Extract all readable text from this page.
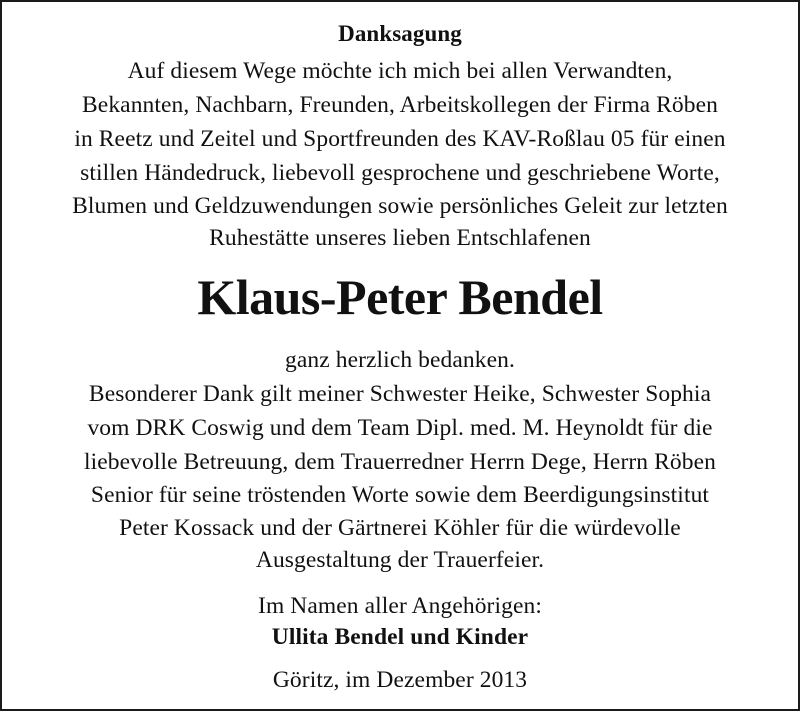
Danksagung
Auf diesem Wege möchte ich mich bei allen Verwandten,
Bekannten, Nachbarn, Freunden, Arbeitskollegen der Firma Röben
in Reetz und Zeitel und Sportfreunden des KAV-Roßlau 05 für einen
stillen Händedruck, liebevoll gesprochene und geschriebene Worte,
Blumen und Geldzuwendungen sowie persönliches Geleit zur letzten
Ruhestätte unseres lieben Entschlafenen
Klaus-Peter Bendel
ganz herzlich bedanken.
Besonderer Dank gilt meiner Schwester Heike, Schwester Sophia
vom DRK Coswig und dem Team Dipl. med. M. Heynoldt für die
liebevolle Betreuung, dem Trauerredner Herrn Dege, Herrn Röben
Senior für seine tröstenden Worte sowie dem Beerdigungsinstitut
Peter Kossack und der Gärtnerei Köhler für die würdevolle
Ausgestaltung der Trauerfeier.
Im Namen aller Angehörigen:
Ullita Bendel und Kinder
Göritz, im Dezember 2013
